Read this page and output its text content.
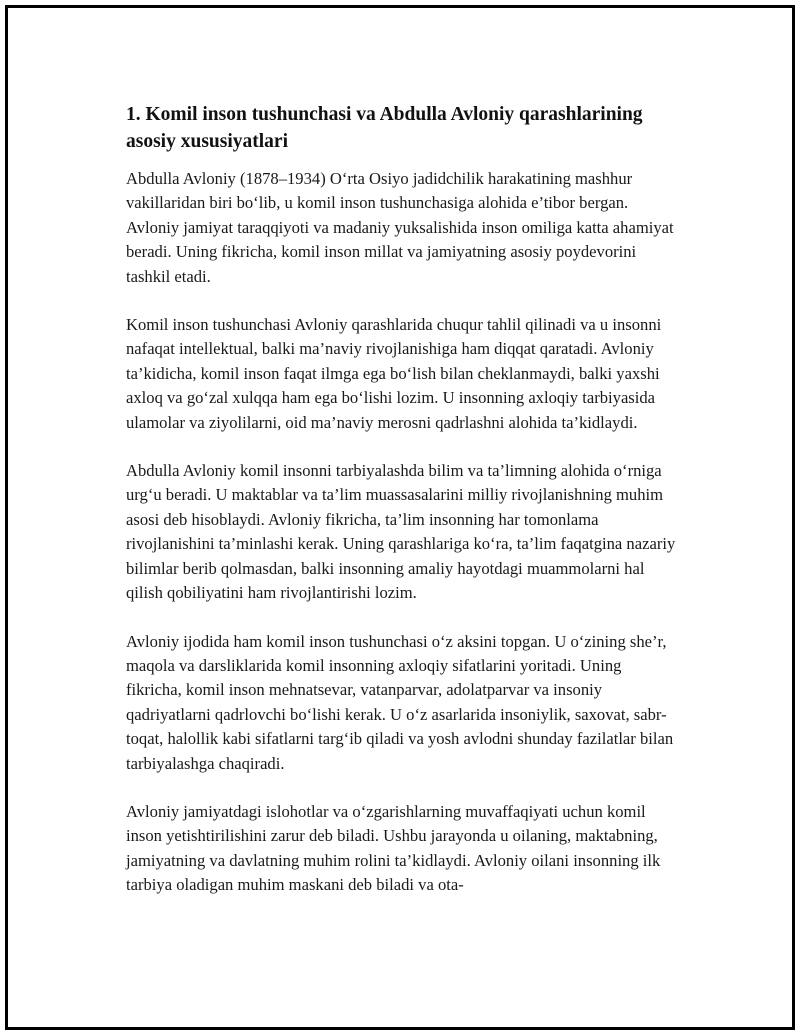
1. Komil inson tushunchasi va Abdulla Avloniy qarashlarining asosiy xususiyatlari

Abdulla Avloniy (1878–1934) O‘rta Osiyo jadidchilik harakatining mashhur vakillaridan biri bo‘lib, u komil inson tushunchasiga alohida e’tibor bergan. Avloniy jamiyat taraqqiyoti va madaniy yuksalishida inson omiliga katta ahamiyat beradi. Uning fikricha, komil inson millat va jamiyatning asosiy poydevorini tashkil etadi.

Komil inson tushunchasi Avloniy qarashlarida chuqur tahlil qilinadi va u insonni nafaqat intellektual, balki ma’naviy rivojlanishiga ham diqqat qaratadi. Avloniy ta’kidicha, komil inson faqat ilmga ega bo‘lish bilan cheklanmaydi, balki yaxshi axloq va go‘zal xulqqa ham ega bo‘lishi lozim. U insonning axloqiy tarbiyasida ulamolar va ziyolilarni, oid ma’naviy merosni qadrlashni alohida ta’kidlaydi.

Abdulla Avloniy komil insonni tarbiyalashda bilim va ta’limning alohida o‘rniga urg‘u beradi. U maktablar va ta’lim muassasalarini milliy rivojlanishning muhim asosi deb hisoblaydi. Avloniy fikricha, ta’lim insonning har tomonlama rivojlanishini ta’minlashi kerak. Uning qarashlariga ko‘ra, ta’lim faqatgina nazariy bilimlar berib qolmasdan, balki insonning amaliy hayotdagi muammolarni hal qilish qobiliyatini ham rivojlantirishi lozim.

Avloniy ijodida ham komil inson tushunchasi o‘z aksini topgan. U o‘zining she’r, maqola va darsliklarida komil insonning axloqiy sifatlarini yoritadi. Uning fikricha, komil inson mehnatsevar, vatanparvar, adolatparvar va insoniy qadriyatlarni qadrlovchi bo‘lishi kerak. U o‘z asarlarida insoniylik, saxovat, sabr-toqat, halollik kabi sifatlarni targ‘ib qiladi va yosh avlodni shunday fazilatlar bilan tarbiyalashga chaqiradi.

Avloniy jamiyatdagi islohotlar va o‘zgarishlarning muvaffaqiyati uchun komil inson yetishtirilishini zarur deb biladi. Ushbu jarayonda u oilaning, maktabning, jamiyatning va davlatning muhim rolini ta’kidlaydi. Avloniy oilani insonning ilk tarbiya oladigan muhim maskani deb biladi va ota-
